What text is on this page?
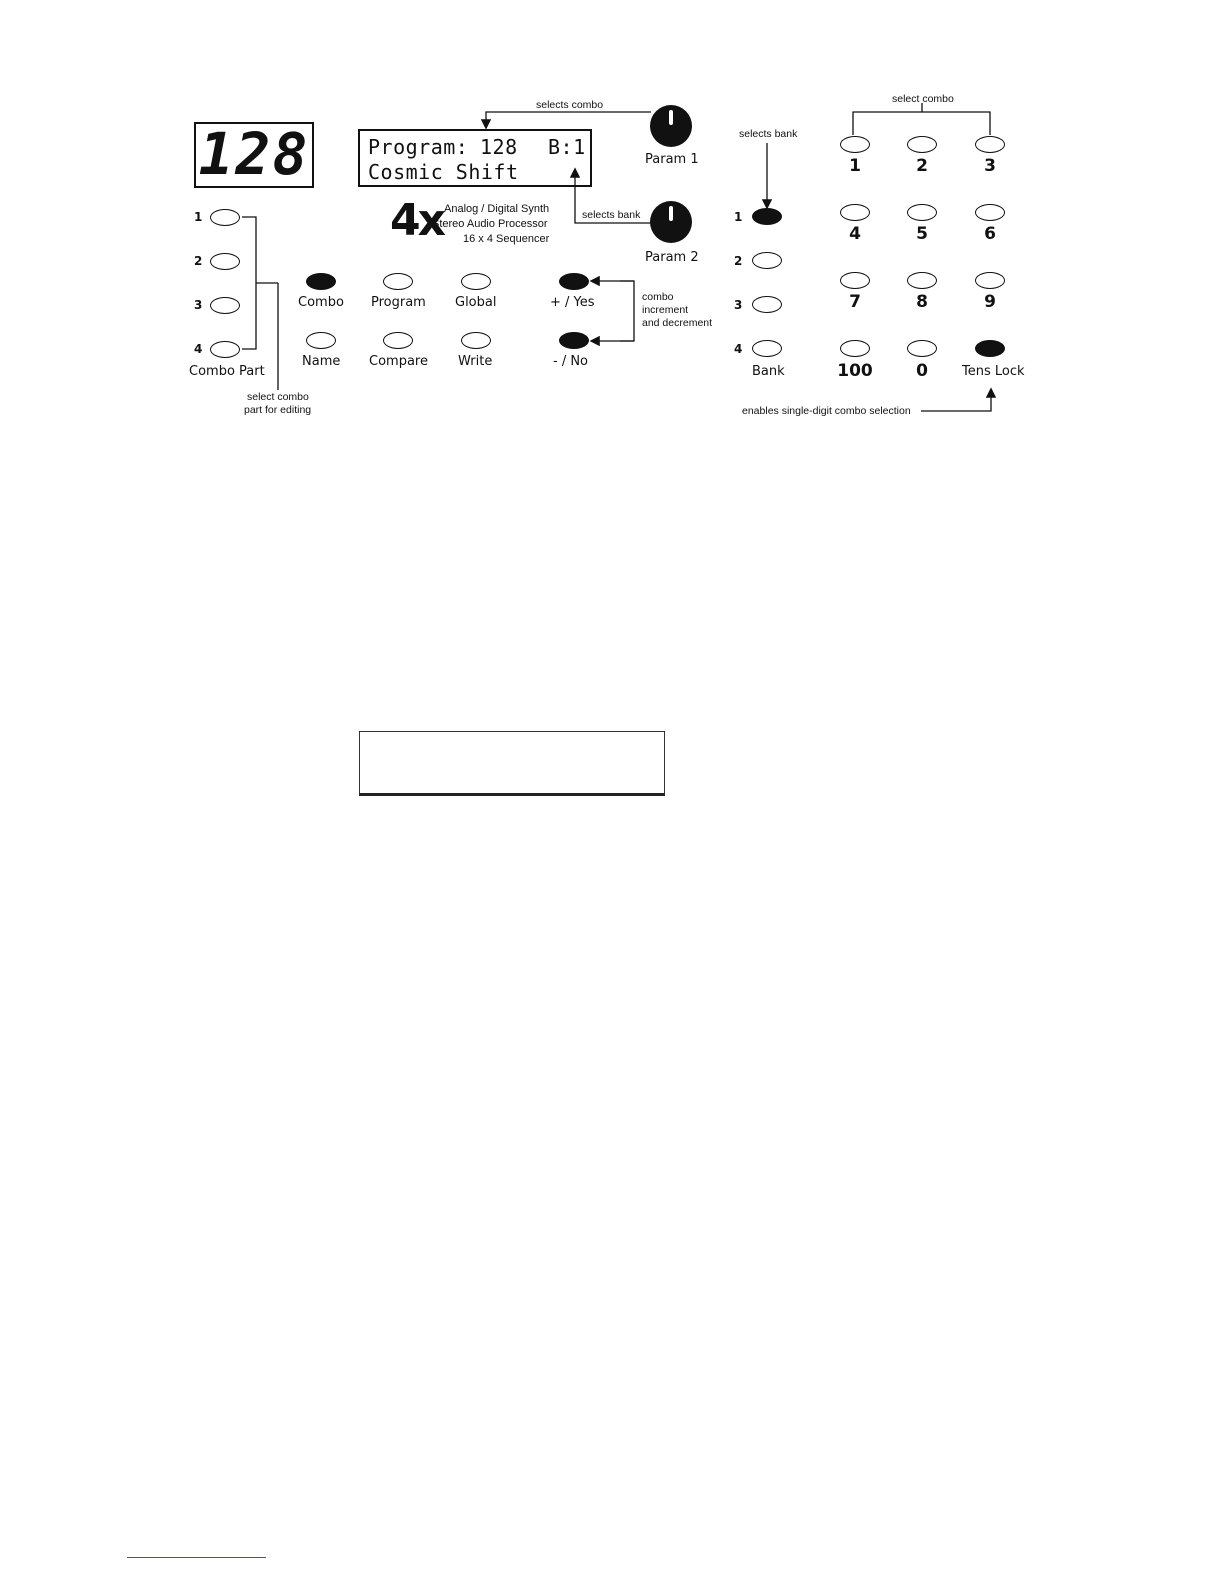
128	Program: 128 B:1
Cosmic Shift
4x Analog / Digital Synth
Stereo Audio Processor
16 x 4 Sequencer
selects combo
selects bank
selects bank
select combo
combo
increment
and decrement
select combo
part for editing	enables single-digit combo selection
Param 1
Param 2
1
2
3
4
Combo Part
Combo Program Global	+ / Yes
Name Compare Write	- / No
1
2
3
4
Bank
1	2	3
4	5	6
7	8	9
100	0	Tens Lock
